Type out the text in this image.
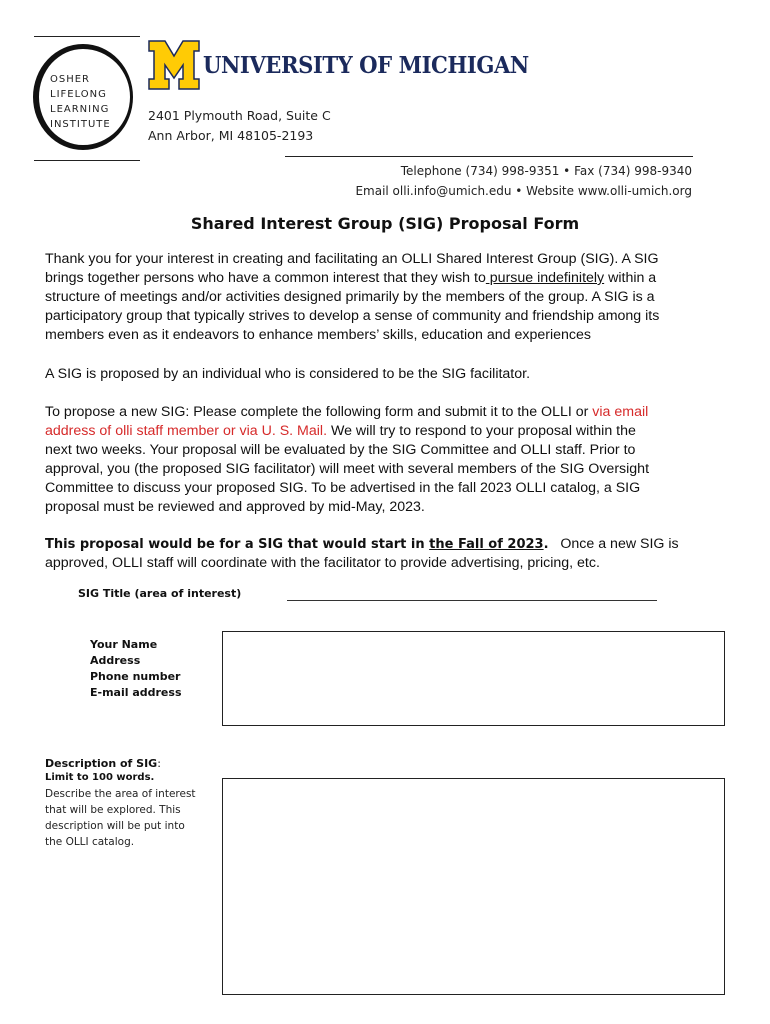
OSHER
LIFELONG
LEARNING
INSTITUTE
UNIVERSITY OF MICHIGAN
2401 Plymouth Road, Suite C
Ann Arbor, MI 48105-2193
Telephone (734) 998-9351 • Fax (734) 998-9340
Email olli.info@umich.edu • Website www.olli-umich.org
Shared Interest Group (SIG) Proposal Form
Thank you for your interest in creating and facilitating an OLLI Shared Interest Group (SIG). A SIG
brings together persons who have a common interest that they wish to pursue indefinitely within a
structure of meetings and/or activities designed primarily by the members of the group. A SIG is a
participatory group that typically strives to develop a sense of community and friendship among its
members even as it endeavors to enhance members’ skills, education and experiences
A SIG is proposed by an individual who is considered to be the SIG facilitator.
To propose a new SIG: Please complete the following form and submit it to the OLLI or via email
address of olli staff member or via U. S. Mail. We will try to respond to your proposal within the
next two weeks. Your proposal will be evaluated by the SIG Committee and OLLI staff. Prior to
approval, you (the proposed SIG facilitator) will meet with several members of the SIG Oversight
Committee to discuss your proposed SIG. To be advertised in the fall 2023 OLLI catalog, a SIG
proposal must be reviewed and approved by mid-May, 2023.
This proposal would be for a SIG that would start in the Fall of 2023.   Once a new SIG is
approved, OLLI staff will coordinate with the facilitator to provide advertising, pricing, etc.
SIG Title (area of interest)
Your Name
Address
Phone number
E-mail address
Description of SIG:
Limit to 100 words.
Describe the area of interest
that will be explored. This
description will be put into
the OLLI catalog.
